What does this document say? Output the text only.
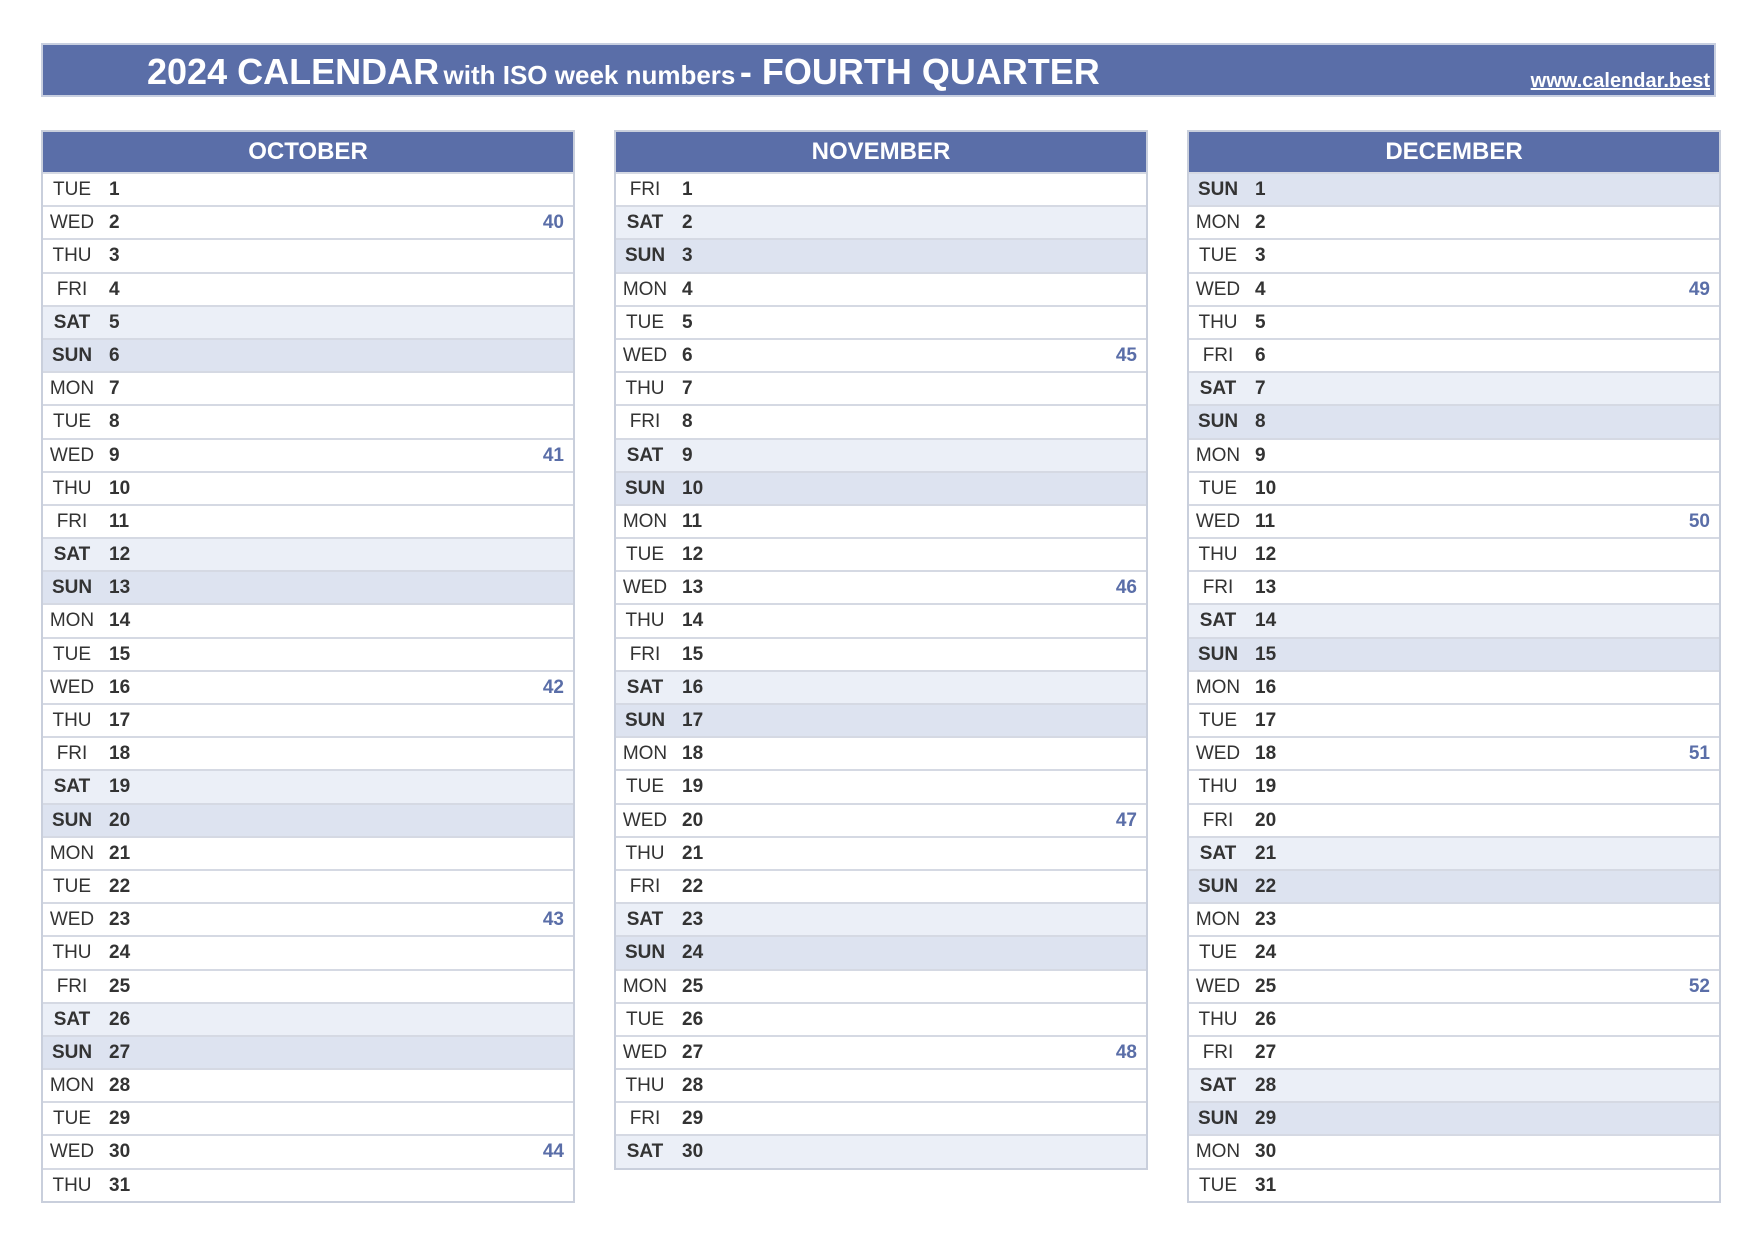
2024 CALENDAR with ISO week numbers - FOURTH QUARTER	www.calendar.best
OCTOBER
TUE 1
WED 2	40
THU 3
FRI	4
SAT 5
SUN 6
MON 7
TUE 8
WED 9	41
THU 10
FRI	11
SAT 12
SUN 13
MON 14
TUE 15
WED 16	42
THU 17
FRI	18
SAT 19
SUN 20
MON 21
TUE 22
WED 23	43
THU 24
FRI	25
SAT 26
SUN 27
MON 28
TUE 29
WED 30	44
THU 31
NOVEMBER
FRI	1
SAT 2
SUN 3
MON 4
TUE 5
WED 6	45
THU 7
FRI	8
SAT 9
SUN 10
MON 11
TUE 12
WED 13	46
THU 14
FRI	15
SAT 16
SUN 17
MON 18
TUE 19
WED 20	47
THU 21
FRI	22
SAT 23
SUN 24
MON 25
TUE 26
WED 27	48
THU 28
FRI	29
SAT 30
DECEMBER
SUN 1
MON 2
TUE 3
WED 4	49
THU 5
FRI	6
SAT 7
SUN 8
MON 9
TUE 10
WED 11	50
THU 12
FRI	13
SAT 14
SUN 15
MON 16
TUE 17
WED 18	51
THU 19
FRI	20
SAT 21
SUN 22
MON 23
TUE 24
WED 25	52
THU 26
FRI	27
SAT 28
SUN 29
MON 30
TUE 31
